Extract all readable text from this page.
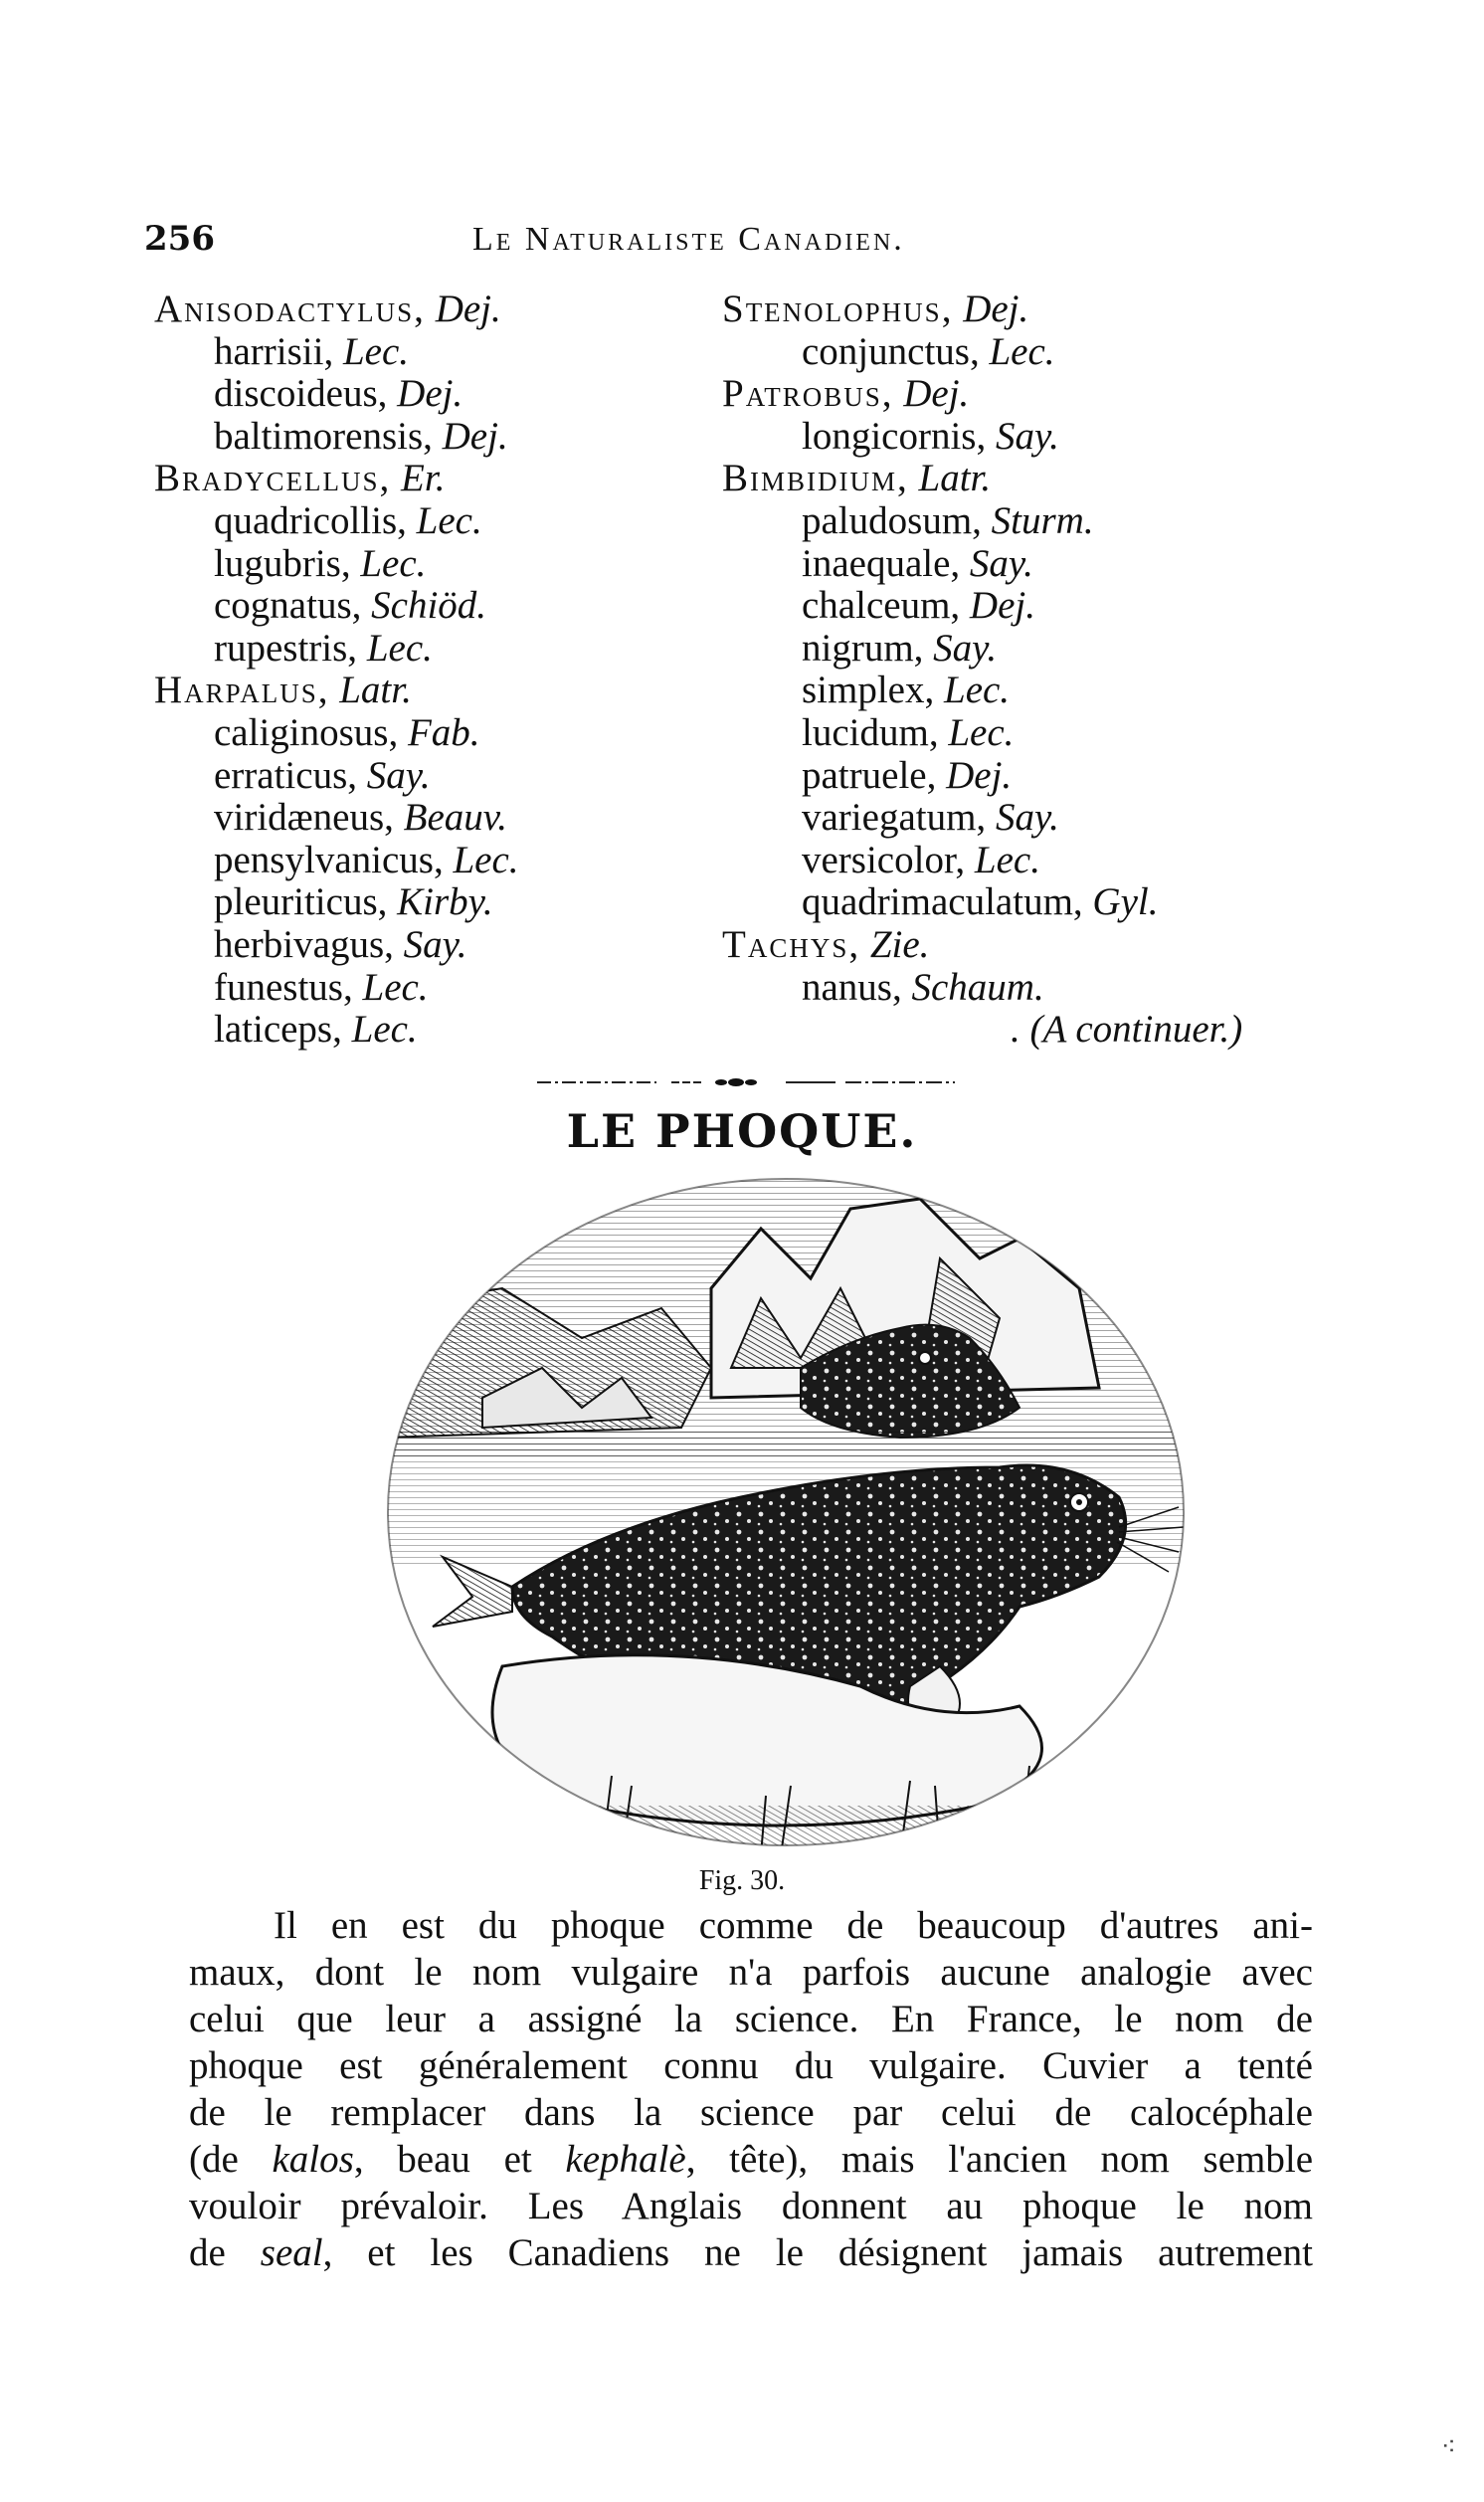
256	Le Naturaliste Canadien.
Anisodactylus, Dej.
harrisii, Lec.
discoideus, Dej.
baltimorensis, Dej.
Bradycellus, Er.
quadricollis, Lec.
lugubris, Lec.
cognatus, Schiöd.
rupestris, Lec.
Harpalus, Latr.
caliginosus, Fab.
erraticus, Say.
viridæneus, Beauv.
pensylvanicus, Lec.
pleuriticus, Kirby.
herbivagus, Say.
funestus, Lec.
laticeps, Lec.
Stenolophus, Dej.
conjunctus, Lec.
Patrobus, Dej.
longicornis, Say.
Bimbidium, Latr.
paludosum, Sturm.
inaequale, Say.
chalceum, Dej.
nigrum, Say.
simplex, Lec.
lucidum, Lec.
patruele, Dej.
variegatum, Say.
versicolor, Lec.
quadrimaculatum, Gyl.
Tachys, Zie.
nanus, Schaum.
. (A continuer.)
LE PHOQUE.
Fig. 30.
Il en est du phoque comme de beaucoup d'autres ani-
maux, dont le nom vulgaire n'a parfois aucune analogie avec
celui que leur a assigné la science. En France, le nom de
phoque est généralement connu du vulgaire. Cuvier a tenté
de le remplacer dans la science par celui de calocéphale
(de kalos, beau et kephalè, tête), mais l'ancien nom semble
vouloir prévaloir. Les Anglais donnent au phoque le nom
de seal, et les Canadiens ne le désignent jamais autrement
⁖
